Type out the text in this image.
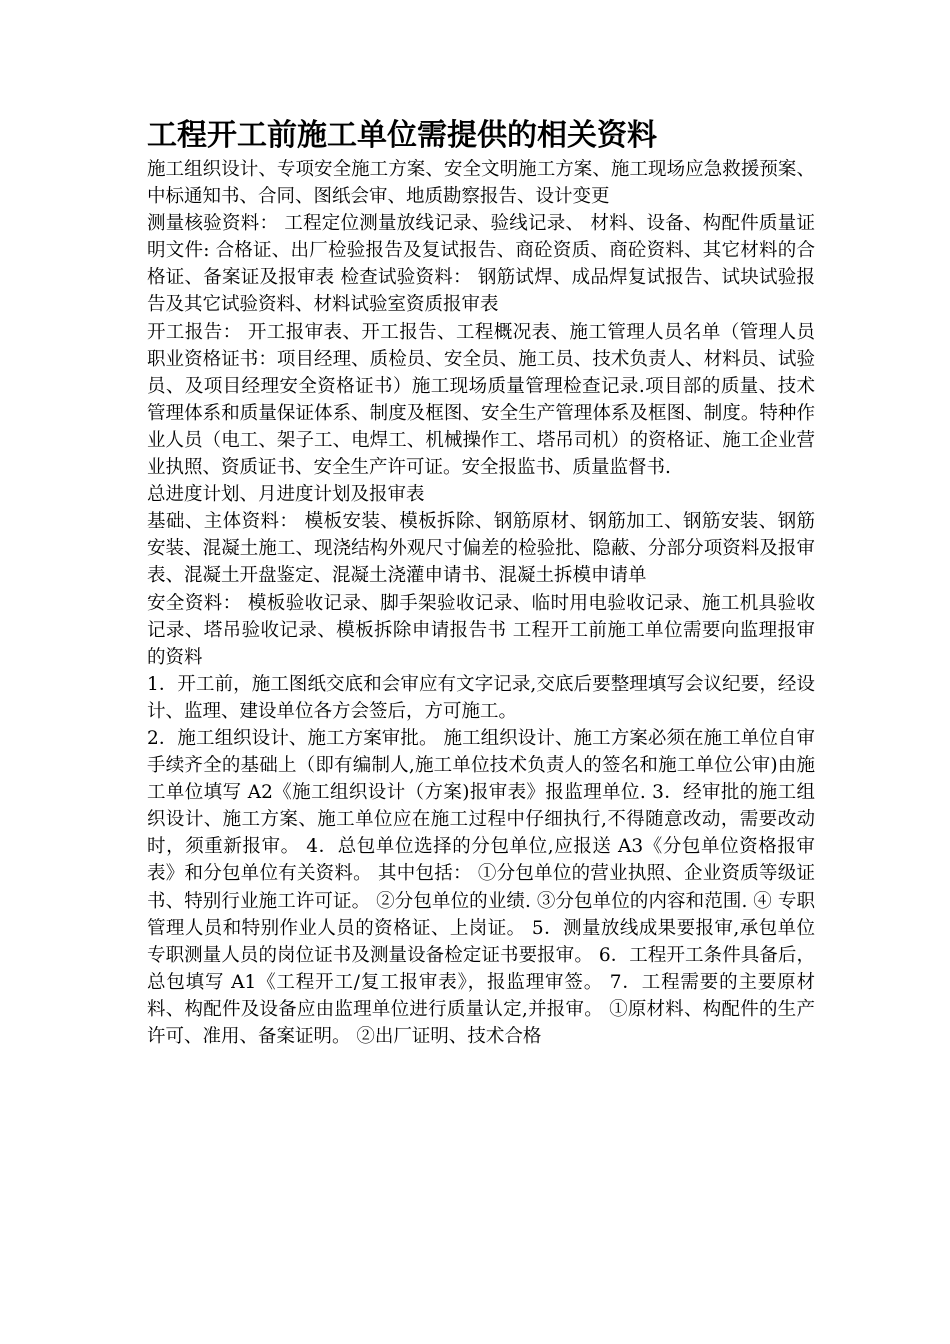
工程开工前施工单位需提供的相关资料

施工组织设计、专项安全施工方案、安全文明施工方案、施工现场应急救援预案、中标通知书、合同、图纸会审、地质勘察报告、设计变更

测量核验资料： 工程定位测量放线记录、验线记录、 材料、设备、构配件质量证明文件: 合格证、出厂检验报告及复试报告、商砼资质、商砼资料、其它材料的合格证、备案证及报审表 检查试验资料： 钢筋试焊、成品焊复试报告、试块试验报告及其它试验资料、材料试验室资质报审表

开工报告： 开工报审表、开工报告、工程概况表、施工管理人员名单（管理人员职业资格证书：项目经理、质检员、安全员、施工员、技术负责人、材料员、试验员、及项目经理安全资格证书）施工现场质量管理检查记录.项目部的质量、技术管理体系和质量保证体系、制度及框图、安全生产管理体系及框图、制度。特种作业人员（电工、架子工、电焊工、机械操作工、塔吊司机）的资格证、施工企业营业执照、资质证书、安全生产许可证。安全报监书、质量监督书.

总进度计划、月进度计划及报审表

基础、主体资料： 模板安装、模板拆除、钢筋原材、钢筋加工、钢筋安装、钢筋安装、混凝土施工、现浇结构外观尺寸偏差的检验批、隐蔽、分部分项资料及报审表、混凝土开盘鉴定、混凝土浇灌申请书、混凝土拆模申请单

安全资料： 模板验收记录、脚手架验收记录、临时用电验收记录、施工机具验收记录、塔吊验收记录、模板拆除申请报告书 工程开工前施工单位需要向监理报审的资料

1．开工前，施工图纸交底和会审应有文字记录,交底后要整理填写会议纪要，经设计、监理、建设单位各方会签后，方可施工。

2．施工组织设计、施工方案审批。 施工组织设计、施工方案必须在施工单位自审手续齐全的基础上（即有编制人,施工单位技术负责人的签名和施工单位公审)由施工单位填写 A2《施工组织设计（方案)报审表》报监理单位. 3．经审批的施工组织设计、施工方案、施工单位应在施工过程中仔细执行,不得随意改动，需要改动时，须重新报审。 4．总包单位选择的分包单位,应报送 A3《分包单位资格报审表》和分包单位有关资料。 其中包括： ①分包单位的营业执照、企业资质等级证书、特别行业施工许可证。 ②分包单位的业绩. ③分包单位的内容和范围. ④ 专职管理人员和特别作业人员的资格证、上岗证。 5．测量放线成果要报审,承包单位专职测量人员的岗位证书及测量设备检定证书要报审。 6．工程开工条件具备后，总包填写 A1《工程开工/复工报审表》，报监理审签。 7．工程需要的主要原材料、构配件及设备应由监理单位进行质量认定,并报审。 ①原材料、构配件的生产许可、准用、备案证明。 ②出厂证明、技术合格
